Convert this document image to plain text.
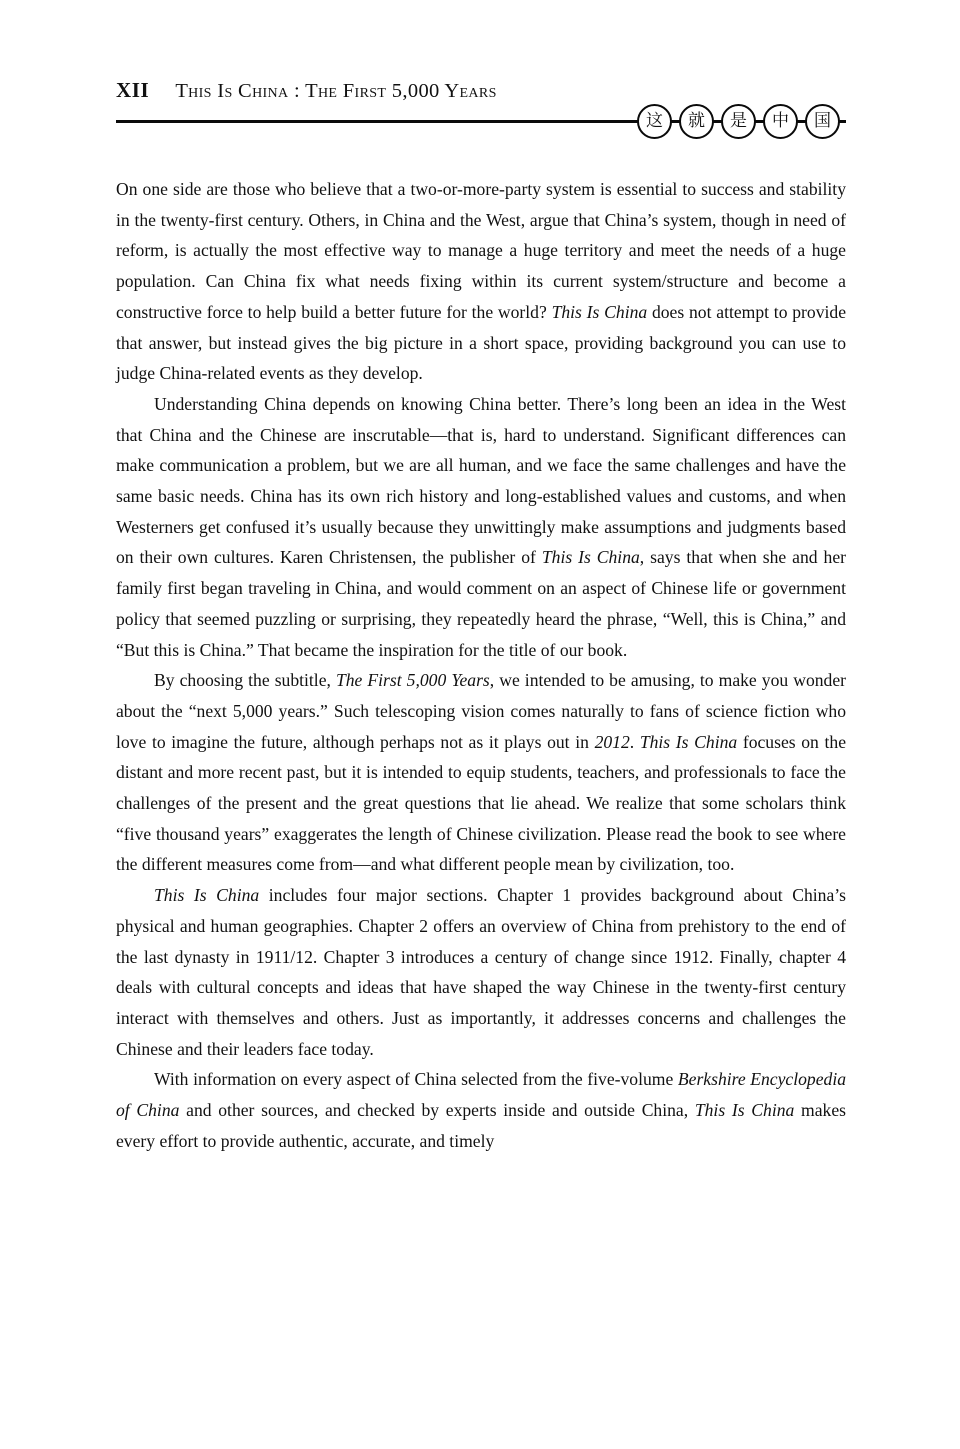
XII This Is China : The First 5,000 Years
这 就 是 中 国

On one side are those who believe that a two-or-more-party system is essential to success and stability in the twenty-first century. Others, in China and the West, argue that China’s system, though in need of reform, is actually the most effective way to manage a huge territory and meet the needs of a huge population. Can China fix what needs fixing within its current system/structure and become a constructive force to help build a better future for the world? This Is China does not attempt to provide that answer, but instead gives the big picture in a short space, providing background you can use to judge China-related events as they develop.

Understanding China depends on knowing China better. There’s long been an idea in the West that China and the Chinese are inscrutable—that is, hard to understand. Significant differences can make communication a problem, but we are all human, and we face the same challenges and have the same basic needs. China has its own rich history and long-established values and customs, and when Westerners get confused it’s usually because they unwittingly make assumptions and judgments based on their own cultures. Karen Christensen, the publisher of This Is China, says that when she and her family first began traveling in China, and would comment on an aspect of Chinese life or government policy that seemed puzzling or surprising, they repeatedly heard the phrase, “Well, this is China,” and “But this is China.” That became the inspiration for the title of our book.

By choosing the subtitle, The First 5,000 Years, we intended to be amusing, to make you wonder about the “next 5,000 years.” Such telescoping vision comes naturally to fans of science fiction who love to imagine the future, although perhaps not as it plays out in 2012. This Is China focuses on the distant and more recent past, but it is intended to equip students, teachers, and professionals to face the challenges of the present and the great questions that lie ahead. We realize that some scholars think “five thousand years” exaggerates the length of Chinese civilization. Please read the book to see where the different measures come from—and what different people mean by civilization, too.

This Is China includes four major sections. Chapter 1 provides background about China’s physical and human geographies. Chapter 2 offers an overview of China from prehistory to the end of the last dynasty in 1911/12. Chapter 3 introduces a century of change since 1912. Finally, chapter 4 deals with cultural concepts and ideas that have shaped the way Chinese in the twenty-first century interact with themselves and others. Just as importantly, it addresses concerns and challenges the Chinese and their leaders face today.

With information on every aspect of China selected from the five-volume Berkshire Encyclopedia of China and other sources, and checked by experts inside and outside China, This Is China makes every effort to provide authentic, accurate, and timely
